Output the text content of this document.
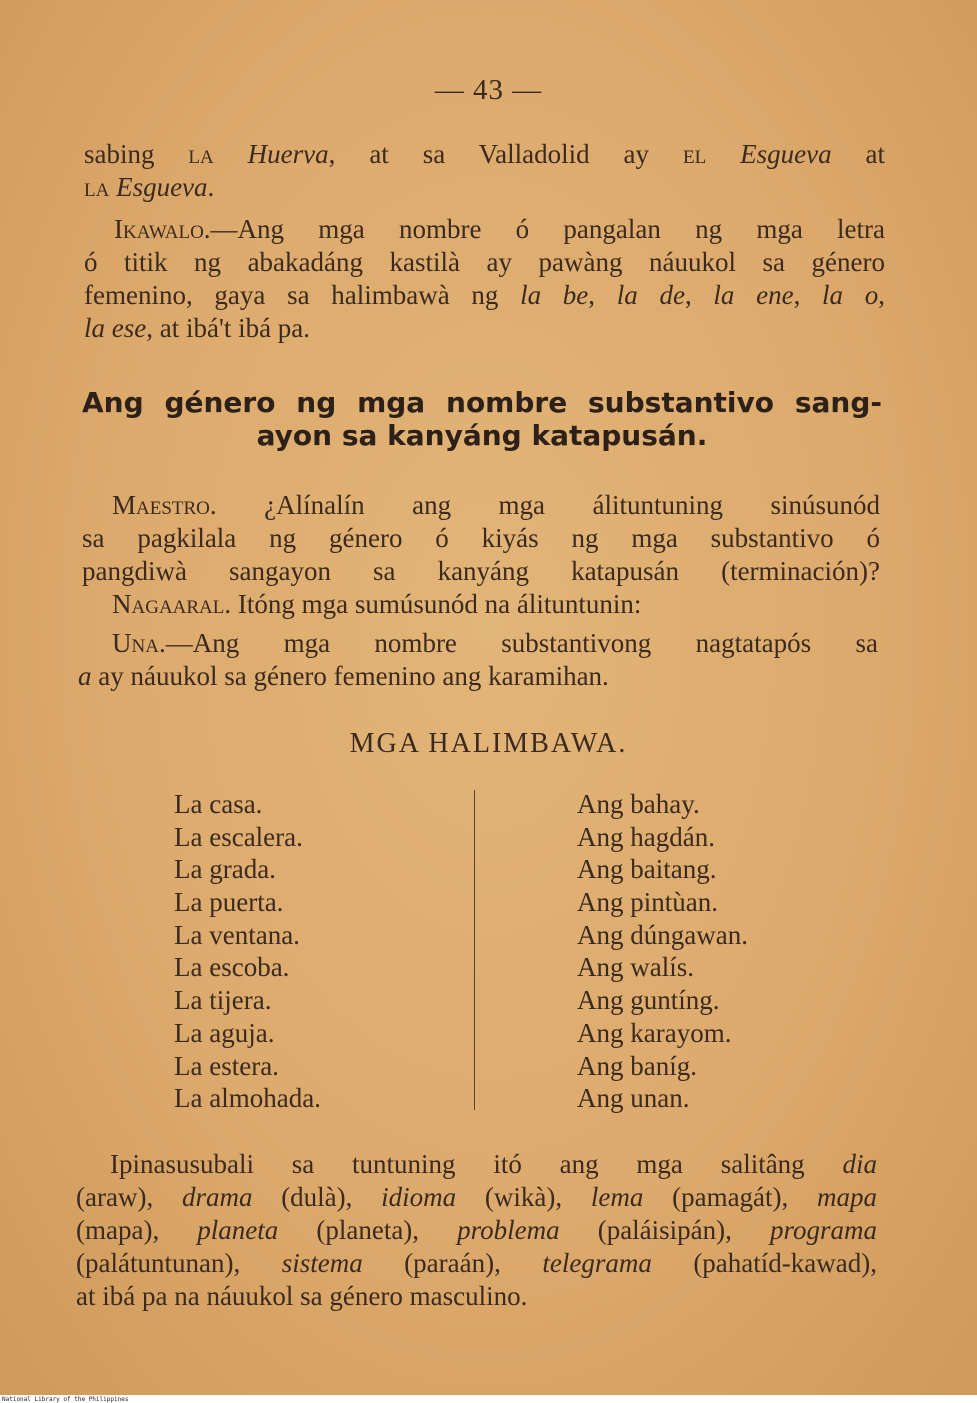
— 43 —
sabing la Huerva, at sa Valladolid ay el Esgueva at
la Esgueva.
Ikawalo.—Ang mga nombre ó pangalan ng mga letra
ó titik ng abakadáng kastilà ay pawàng náuukol sa género
femenino, gaya sa halimbawà ng la be, la de, la ene, la o,
la ese, at ibá't ibá pa.
Ang género ng mga nombre substantivo sang-
ayon sa kanyáng katapusán.
Maestro. ¿Alínalín ang mga álituntuning sinúsunód
sa pagkilala ng género ó kiyás ng mga substantivo ó
pangdiwà sangayon sa kanyáng katapusán (terminación)?
Nagaaral. Itóng mga sumúsunód na álituntunin:
Una.—Ang mga nombre substantivong nagtatapós sa
a ay náuukol sa género femenino ang karamihan.
MGA HALIMBAWA.
La casa.
La escalera.
La grada.
La puerta.
La ventana.
La escoba.
La tijera.
La aguja.
La estera.
La almohada.
Ang bahay.
Ang hagdán.
Ang baitang.
Ang pintùan.
Ang dúngawan.
Ang walís.
Ang guntíng.
Ang karayom.
Ang baníg.
Ang unan.
Ipinasusubali sa tuntuning itó ang mga salitâng dia
(araw), drama (dulà), idioma (wikà), lema (pamagát), mapa
(mapa), planeta (planeta), problema (paláisipán), programa
(palátuntunan), sistema (paraán), telegrama (pahatíd-kawad),
at ibá pa na náuukol sa género masculino.
National Library of the Philippines
